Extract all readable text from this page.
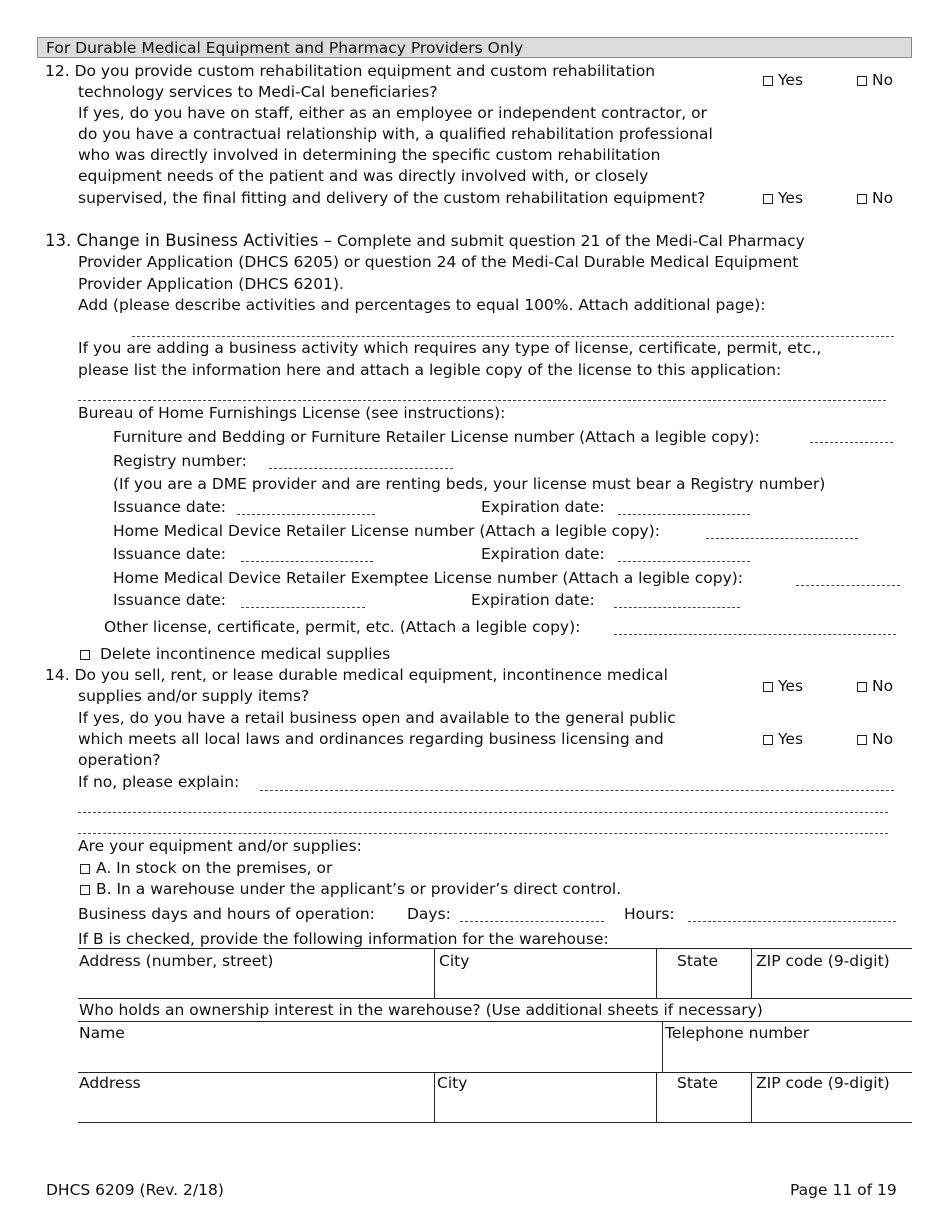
For Durable Medical Equipment and Pharmacy Providers Only
12. Do you provide custom rehabilitation equipment and custom rehabilitation
technology services to Medi-Cal beneficiaries?
If yes, do you have on staff, either as an employee or independent contractor, or
do you have a contractual relationship with, a qualified rehabilitation professional
who was directly involved in determining the specific custom rehabilitation
equipment needs of the patient and was directly involved with, or closely
supervised, the final fitting and delivery of the custom rehabilitation equipment?
Yes	No
Yes	No
13. Change in Business Activities – Complete and submit question 21 of the Medi-Cal Pharmacy
Provider Application (DHCS 6205) or question 24 of the Medi-Cal Durable Medical Equipment
Provider Application (DHCS 6201).
Add (please describe activities and percentages to equal 100%. Attach additional page):
If you are adding a business activity which requires any type of license, certificate, permit, etc.,
please list the information here and attach a legible copy of the license to this application:
Bureau of Home Furnishings License (see instructions):
Furniture and Bedding or Furniture Retailer License number (Attach a legible copy):
Registry number:
(If you are a DME provider and are renting beds, your license must bear a Registry number)
Issuance date:	Expiration date:
Home Medical Device Retailer License number (Attach a legible copy):
Issuance date:	Expiration date:
Home Medical Device Retailer Exemptee License number (Attach a legible copy):
Issuance date:	Expiration date:
Other license, certificate, permit, etc. (Attach a legible copy):
Delete incontinence medical supplies
14. Do you sell, rent, or lease durable medical equipment, incontinence medical
supplies and/or supply items?
If yes, do you have a retail business open and available to the general public
which meets all local laws and ordinances regarding business licensing and
operation?
If no, please explain:
Yes	No
Yes	No
Are your equipment and/or supplies:
A. In stock on the premises, or
B. In a warehouse under the applicant’s or provider’s direct control.
Business days and hours of operation: Days:	Hours:
If B is checked, provide the following information for the warehouse:
Address (number, street)	City	State ZIP code (9-digit)
Who holds an ownership interest in the warehouse? (Use additional sheets if necessary)
Name	Telephone number
Address	City	State ZIP code (9-digit)
DHCS 6209 (Rev. 2/18)	Page 11 of 19
